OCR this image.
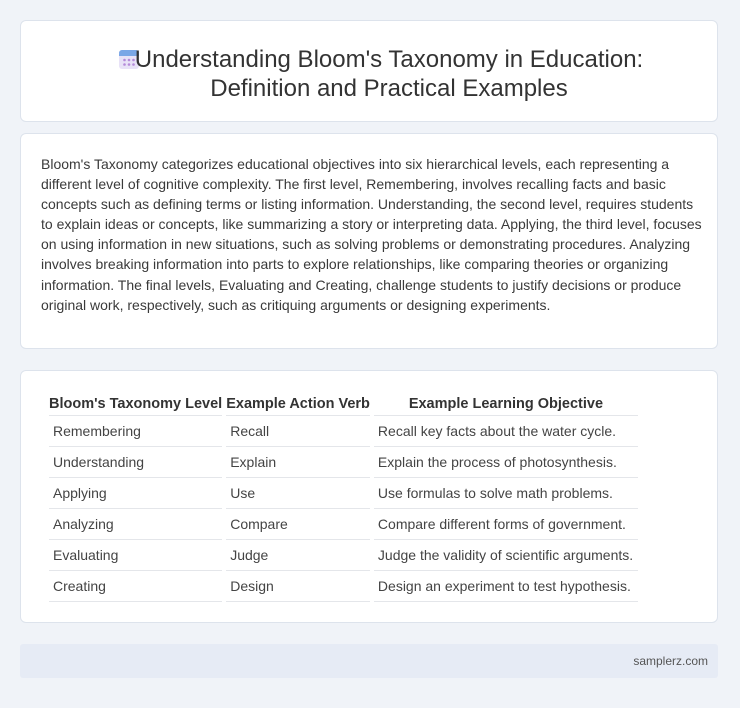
Understanding Bloom's Taxonomy in Education: Definition and Practical Examples

Bloom's Taxonomy categorizes educational objectives into six hierarchical levels, each representing a different level of cognitive complexity. The first level, Remembering, involves recalling facts and basic concepts such as defining terms or listing information. Understanding, the second level, requires students to explain ideas or concepts, like summarizing a story or interpreting data. Applying, the third level, focuses on using information in new situations, such as solving problems or demonstrating procedures. Analyzing involves breaking information into parts to explore relationships, like comparing theories or organizing information. The final levels, Evaluating and Creating, challenge students to justify decisions or produce original work, respectively, such as critiquing arguments or designing experiments.

Bloom's Taxonomy Level	Example Action Verb	Example Learning Objective
Remembering	Recall	Recall key facts about the water cycle.
Understanding	Explain	Explain the process of photosynthesis.
Applying	Use	Use formulas to solve math problems.
Analyzing	Compare	Compare different forms of government.
Evaluating	Judge	Judge the validity of scientific arguments.
Creating	Design	Design an experiment to test hypothesis.
samplerz.com
